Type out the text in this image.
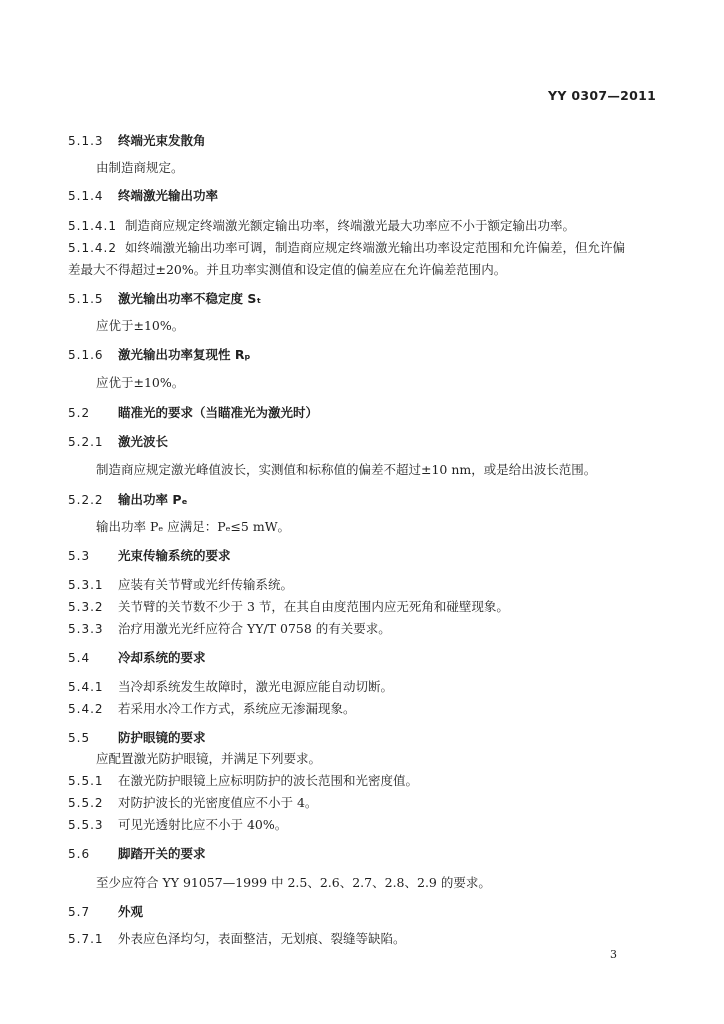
YY 0307—2011
5.1.3 终端光束发散角
由制造商规定。
5.1.4 终端激光输出功率
5.1.4.1 制造商应规定终端激光额定输出功率，终端激光最大功率应不小于额定输出功率。
5.1.4.2 如终端激光输出功率可调，制造商应规定终端激光输出功率设定范围和允许偏差，但允许偏
差最大不得超过±20%。并且功率实测值和设定值的偏差应在允许偏差范围内。
5.1.5 激光输出功率不稳定度 Sₜ
应优于±10%。
5.1.6 激光输出功率复现性 Rₚ
应优于±10%。
5.2 瞄准光的要求（当瞄准光为激光时）
5.2.1 激光波长
制造商应规定激光峰值波长，实测值和标称值的偏差不超过±10 nm，或是给出波长范围。
5.2.2 输出功率 Pₑ
输出功率 Pₑ 应满足：Pₑ≤5 mW。
5.3 光束传输系统的要求
5.3.1 应装有关节臂或光纤传输系统。
5.3.2 关节臂的关节数不少于 3 节，在其自由度范围内应无死角和碰壁现象。
5.3.3 治疗用激光光纤应符合 YY/T 0758 的有关要求。
5.4 冷却系统的要求
5.4.1 当冷却系统发生故障时，激光电源应能自动切断。
5.4.2 若采用水冷工作方式，系统应无渗漏现象。
5.5 防护眼镜的要求
应配置激光防护眼镜，并满足下列要求。
5.5.1 在激光防护眼镜上应标明防护的波长范围和光密度值。
5.5.2 对防护波长的光密度值应不小于 4。
5.5.3 可见光透射比应不小于 40%。
5.6 脚踏开关的要求
至少应符合 YY 91057—1999 中 2.5、2.6、2.7、2.8、2.9 的要求。
5.7 外观
5.7.1 外表应色泽均匀，表面整洁，无划痕、裂缝等缺陷。
3
